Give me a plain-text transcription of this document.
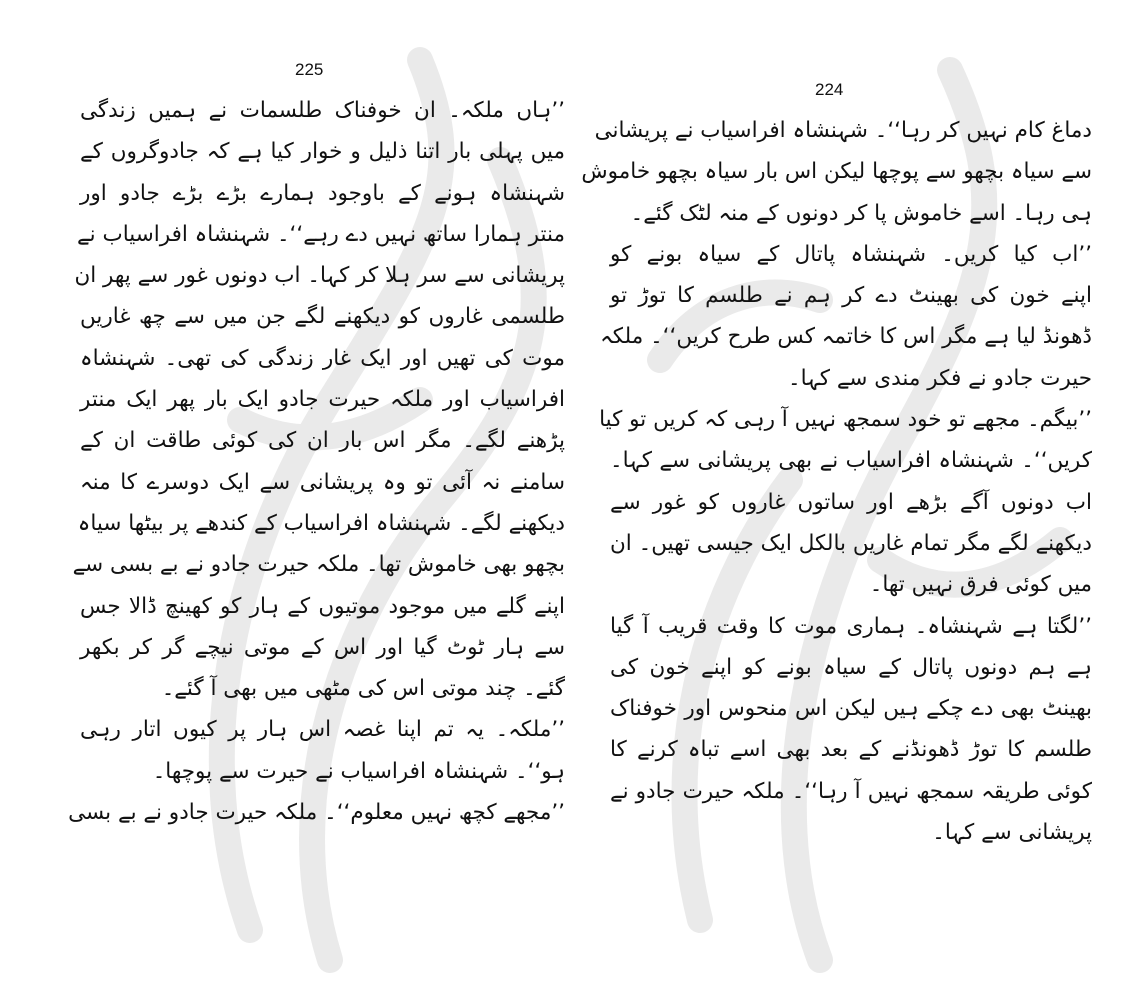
225
224

’’ہاں ملکہ۔ ان خوفناک طلسمات نے ہمیں زندگی
میں پہلی بار اتنا ذلیل و خوار کیا ہے کہ جادوگروں کے
شہنشاہ ہونے کے باوجود ہمارے بڑے بڑے جادو اور
منتر ہمارا ساتھ نہیں دے رہے‘‘۔ شہنشاہ افراسیاب نے
پریشانی سے سر ہلا کر کہا۔ اب دونوں غور سے پھر ان
طلسمی غاروں کو دیکھنے لگے جن میں سے چھ غاریں
موت کی تھیں اور ایک غار زندگی کی تھی۔ شہنشاہ
افراسیاب اور ملکہ حیرت جادو ایک بار پھر ایک منتر
پڑھنے لگے۔ مگر اس بار ان کی کوئی طاقت ان کے
سامنے نہ آئی تو وہ پریشانی سے ایک دوسرے کا منہ
دیکھنے لگے۔ شہنشاہ افراسیاب کے کندھے پر بیٹھا سیاہ
بچھو بھی خاموش تھا۔ ملکہ حیرت جادو نے بے بسی سے
اپنے گلے میں موجود موتیوں کے ہار کو کھینچ ڈالا جس
سے ہار ٹوٹ گیا اور اس کے موتی نیچے گر کر بکھر
گئے۔ چند موتی اس کی مٹھی میں بھی آ گئے۔

’’ملکہ۔ یہ تم اپنا غصہ اس ہار پر کیوں اتار رہی
ہو‘‘۔ شہنشاہ افراسیاب نے حیرت سے پوچھا۔

’’مجھے کچھ نہیں معلوم‘‘۔ ملکہ حیرت جادو نے بے بسی

دماغ کام نہیں کر رہا‘‘۔ شہنشاہ افراسیاب نے پریشانی
سے سیاہ بچھو سے پوچھا لیکن اس بار سیاہ بچھو خاموش
ہی رہا۔ اسے خاموش پا کر دونوں کے منہ لٹک گئے۔

’’اب کیا کریں۔ شہنشاہ پاتال کے سیاہ بونے کو
اپنے خون کی بھینٹ دے کر ہم نے طلسم کا توڑ تو
ڈھونڈ لیا ہے مگر اس کا خاتمہ کس طرح کریں‘‘۔ ملکہ
حیرت جادو نے فکر مندی سے کہا۔

’’بیگم۔ مجھے تو خود سمجھ نہیں آ رہی کہ کریں تو کیا
کریں‘‘۔ شہنشاہ افراسیاب نے بھی پریشانی سے کہا۔
اب دونوں آگے بڑھے اور ساتوں غاروں کو غور سے
دیکھنے لگے مگر تمام غاریں بالکل ایک جیسی تھیں۔ ان
میں کوئی فرق نہیں تھا۔

’’لگتا ہے شہنشاہ۔ ہماری موت کا وقت قریب آ گیا
ہے ہم دونوں پاتال کے سیاہ بونے کو اپنے خون کی
بھینٹ بھی دے چکے ہیں لیکن اس منحوس اور خوفناک
طلسم کا توڑ ڈھونڈنے کے بعد بھی اسے تباہ کرنے کا
کوئی طریقہ سمجھ نہیں آ رہا‘‘۔ ملکہ حیرت جادو نے
پریشانی سے کہا۔
